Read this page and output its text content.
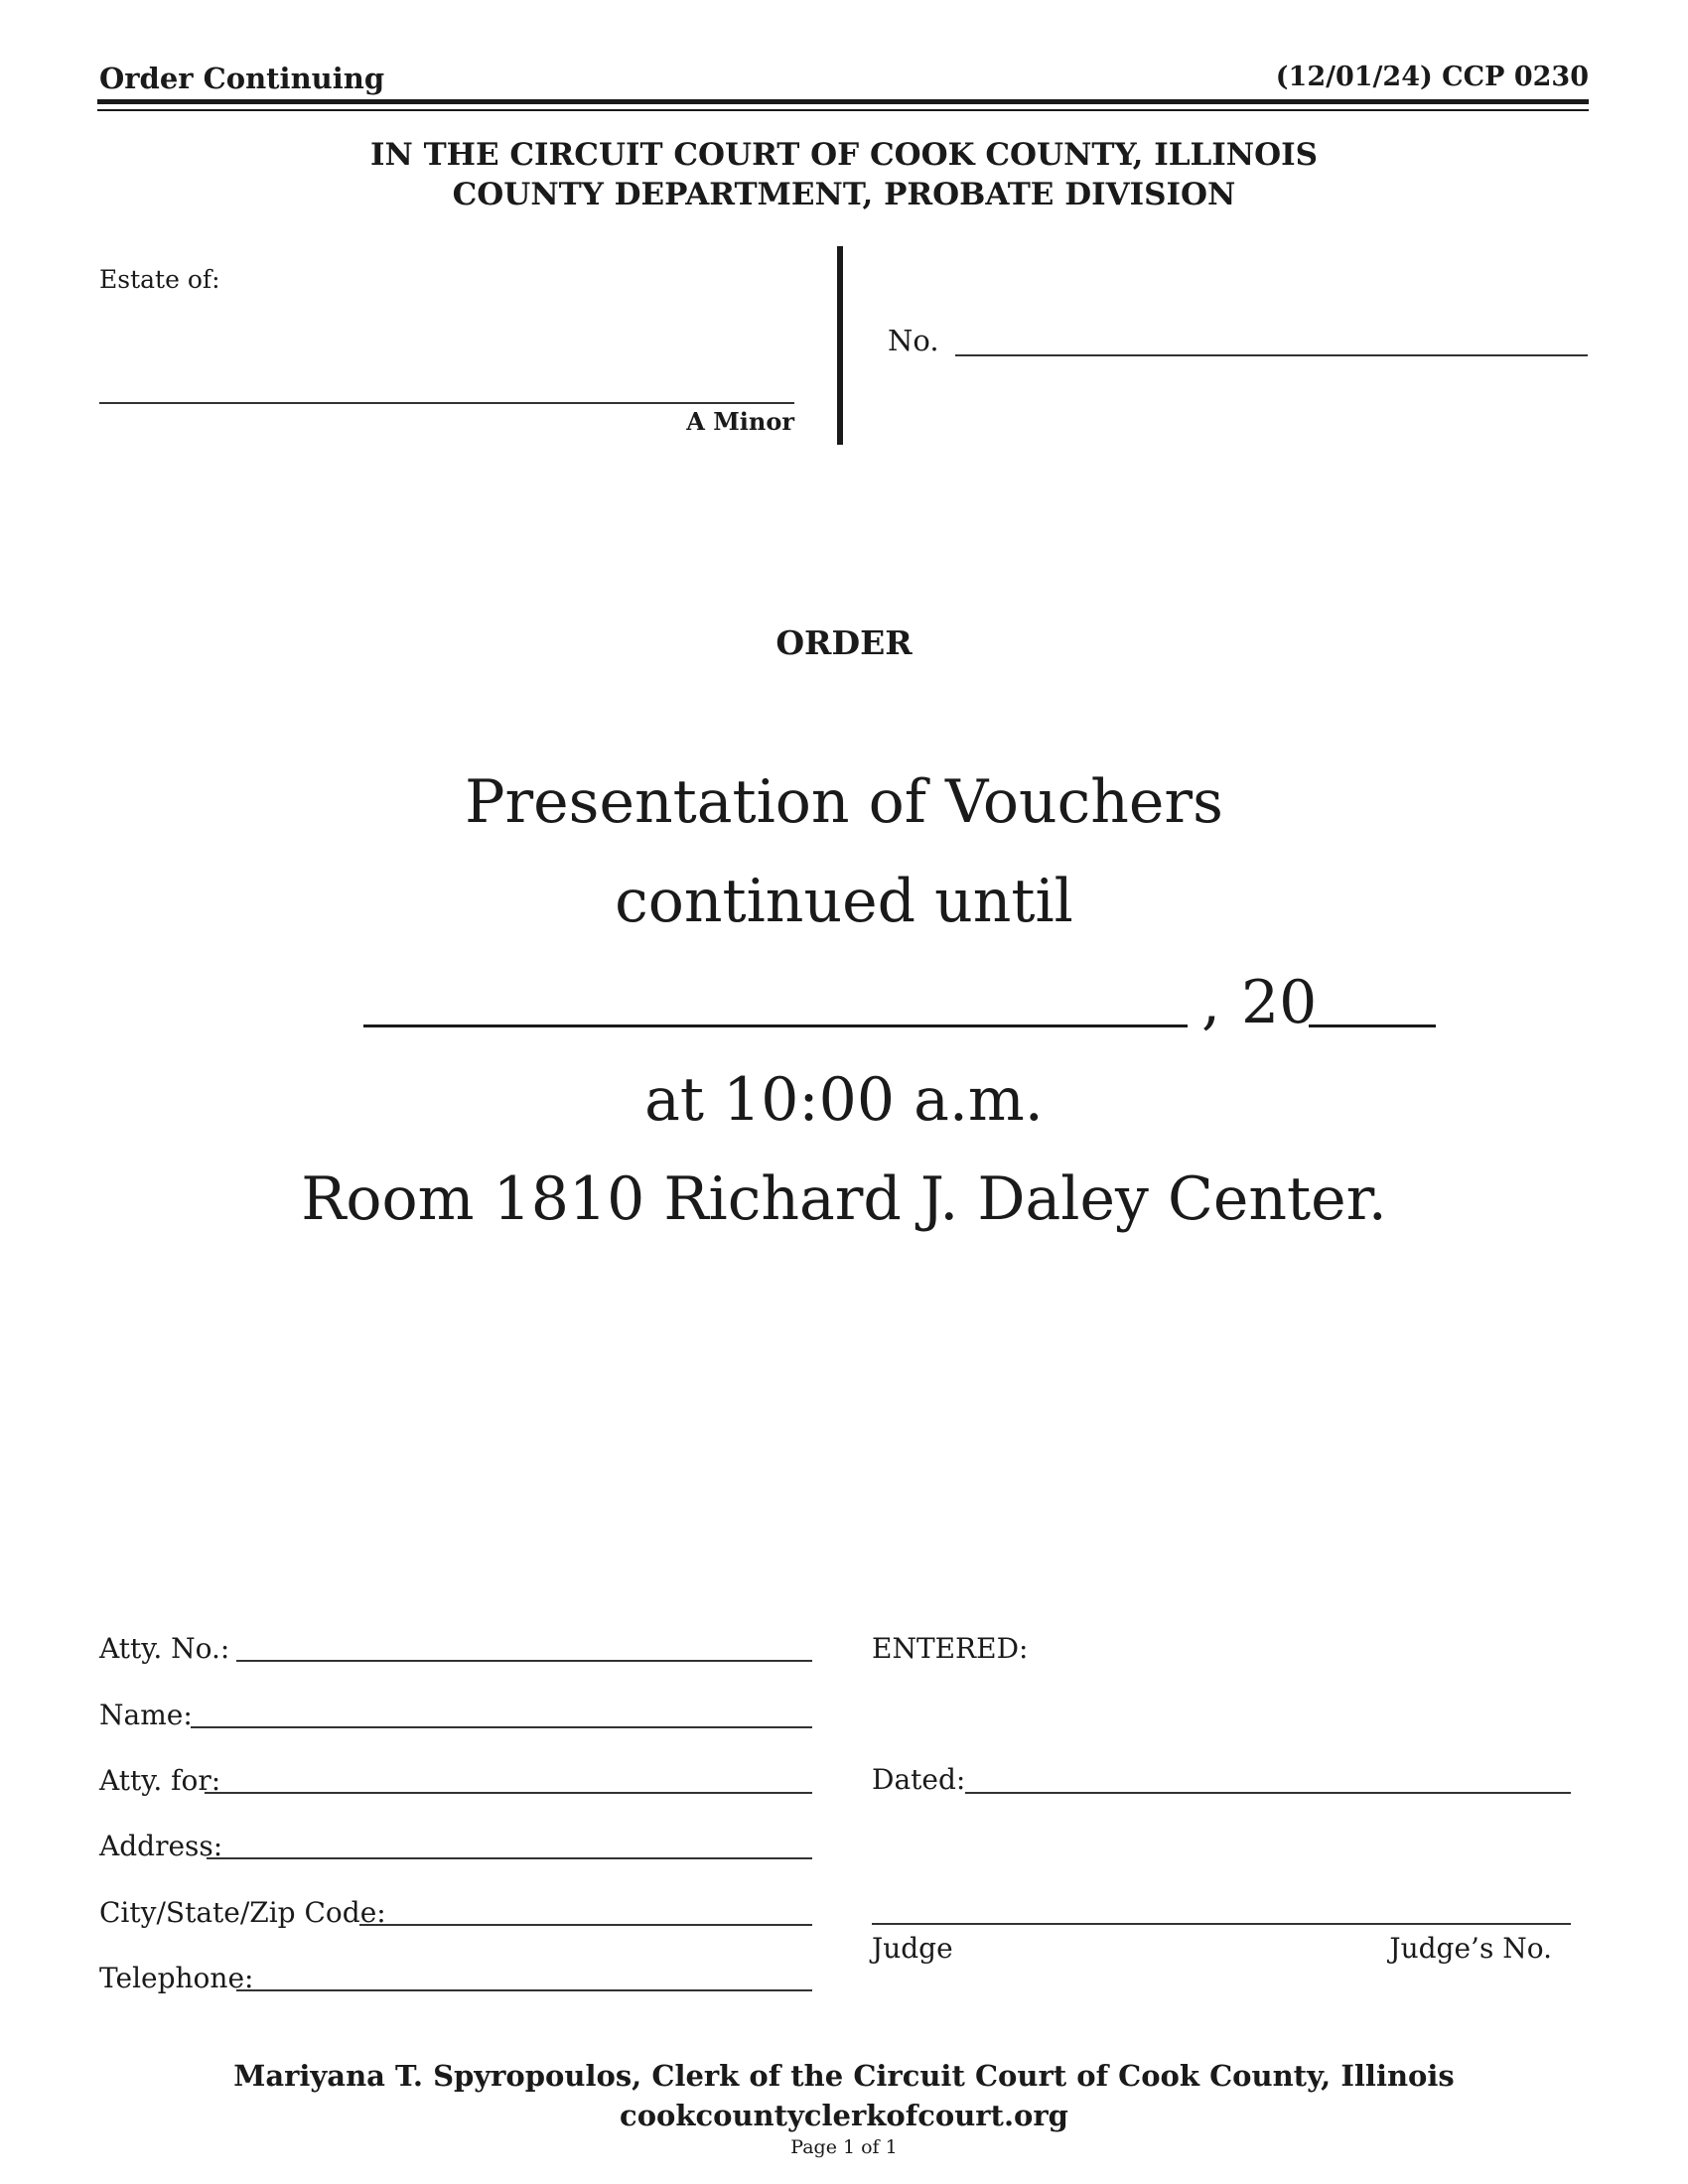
Order Continuing	(12/01/24) CCP 0230
IN THE CIRCUIT COURT OF COOK COUNTY, ILLINOIS
COUNTY DEPARTMENT, PROBATE DIVISION
Estate of:
A Minor
No.
ORDER
Presentation of Vouchers
continued until
, 20
at 10:00 a.m.
Room 1810 Richard J. Daley Center.
Atty. No.:
Name:
Atty. for:
Address:
City/State/Zip Code:
Telephone:
ENTERED:
Dated:
Judge	Judge’s No.
Mariyana T. Spyropoulos, Clerk of the Circuit Court of Cook County, Illinois
cookcountyclerkofcourt.org
Page 1 of 1
